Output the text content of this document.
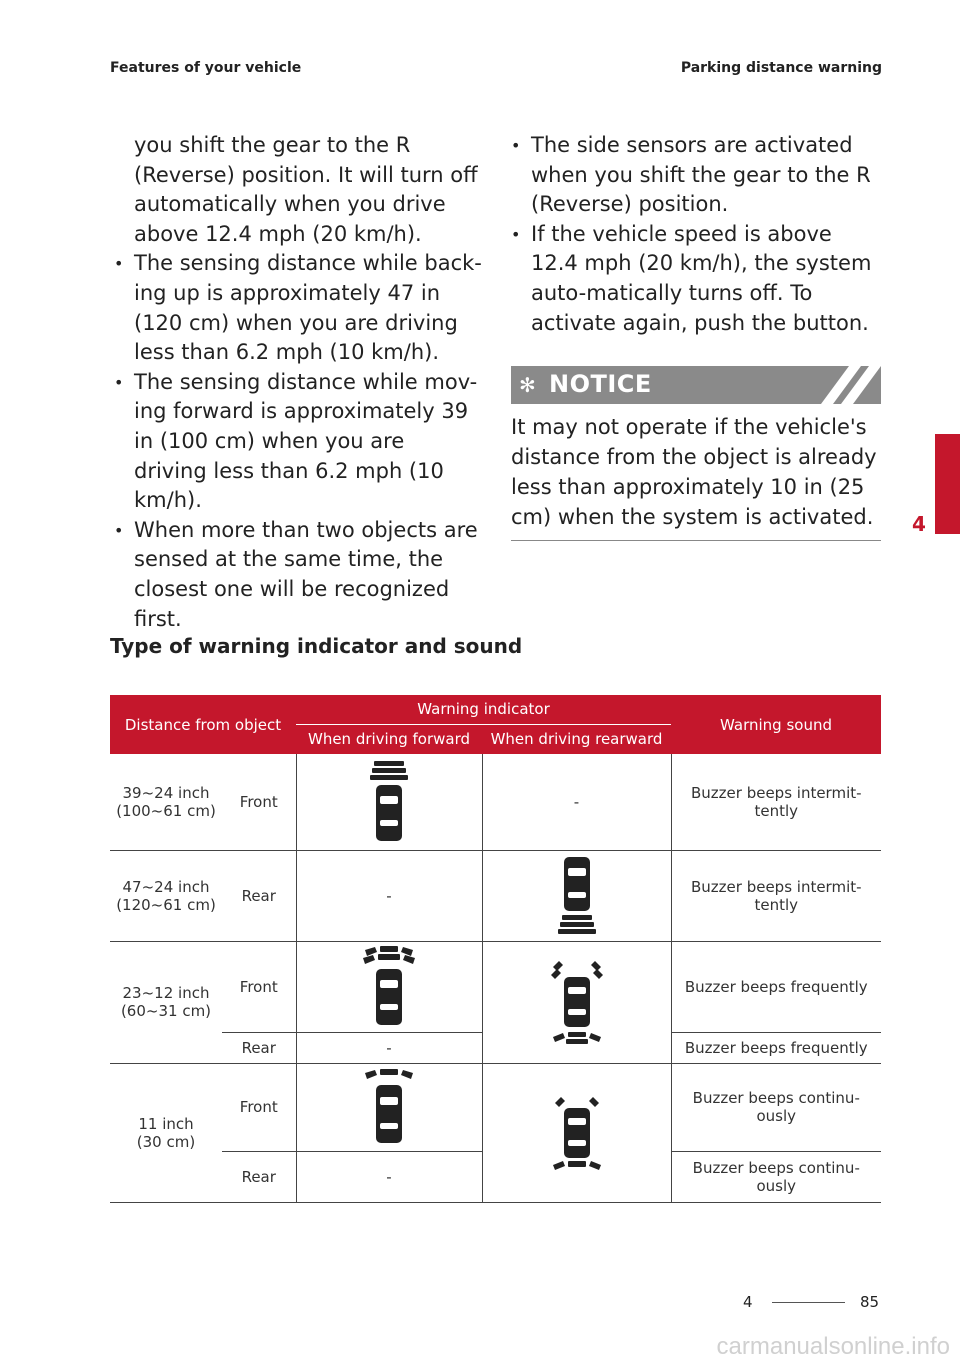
Features of your vehicle	Parking distance warning
you shift the gear to the R (Reverse) position. It will turn off automatically when you drive above 12.4 mph (20 km/h).
• The sensing distance while back-ing up is approximately 47 in (120 cm) when you are driving less than 6.2 mph (10 km/h).
• The sensing distance while mov-ing forward is approximately 39 in (100 cm) when you are driving less than 6.2 mph (10 km/h).
• When more than two objects are sensed at the same time, the closest one will be recognized first.
• The side sensors are activated when you shift the gear to the R (Reverse) position.
• If the vehicle speed is above 12.4 mph (20 km/h), the system auto-matically turns off. To activate again, push the button.
✻ NOTICE
It may not operate if the vehicle's distance from the object is already less than approximately 10 in (25 cm) when the system is activated.
Type of warning indicator and sound
Distance from object		Warning indicator		Warning sound
		When driving forward	When driving rearward	
39~24 inch
(100~61 cm)	Front		-	Buzzer beeps intermit-
tently
47~24 inch
(120~61 cm)	Rear	-		Buzzer beeps intermit-
tently
23~12 inch
(60~31 cm)	Front			Buzzer beeps frequently
	Rear	-		Buzzer beeps frequently
11 inch
(30 cm)	Front			Buzzer beeps continu-
ously
	Rear	-		Buzzer beeps continu-
ously
4
4	85
carmanualsonline.info
